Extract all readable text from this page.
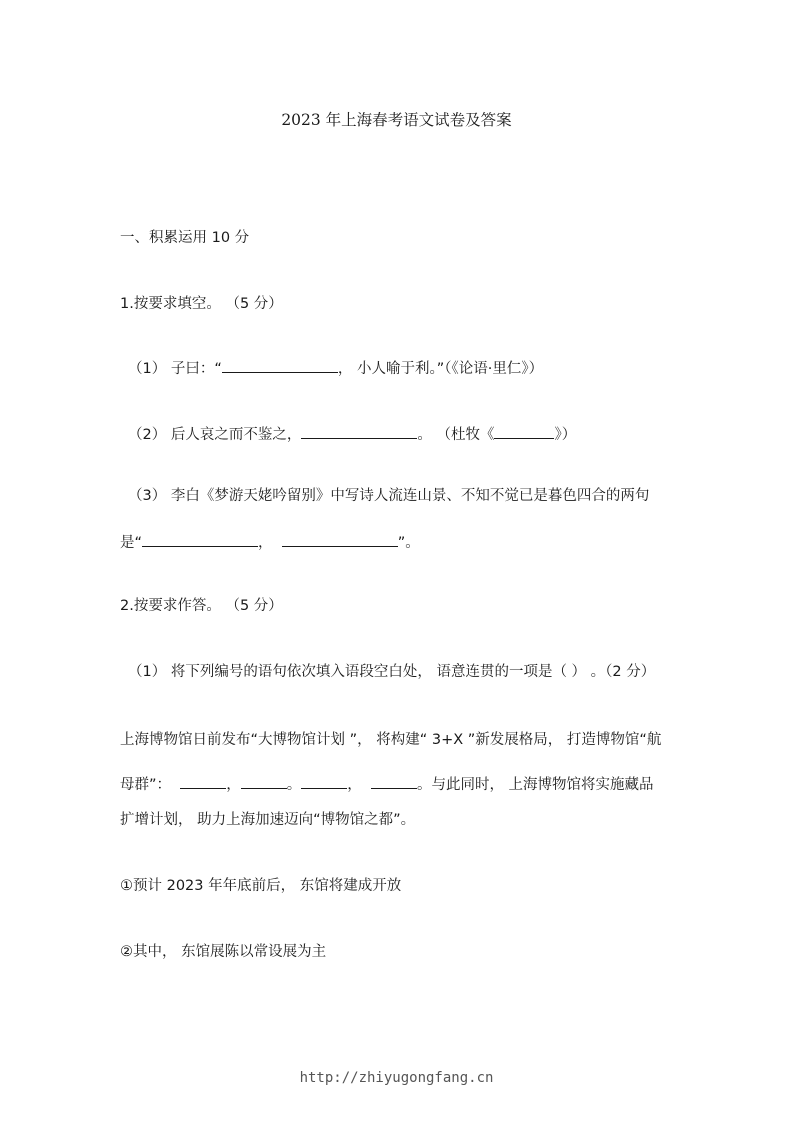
2023 年上海春考语文试卷及答案
一、积累运用 10 分
1.按要求填空。 （5 分）
（1） 子曰：“	， 小人喻于利。”（《论语·里仁》）
（2） 后人哀之而不鉴之，	。 （杜牧《	》）
（3） 李白《梦游天姥吟留别》中写诗人流连山景、不知不觉已是暮色四合的两句
是“	，	”。
2.按要求作答。 （5 分）
（1） 将下列编号的语句依次填入语段空白处， 语意连贯的一项是（ ） 。（2 分）
上海博物馆日前发布“大博物馆计划 ”， 将构建“ 3+X ”新发展格局， 打造博物馆“航
母群”：	，	。	，	。与此同时， 上海博物馆将实施藏品
扩增计划， 助力上海加速迈向“博物馆之都”。
①预计 2023 年年底前后， 东馆将建成开放
②其中， 东馆展陈以常设展为主
http://zhiyugongfang.cn
